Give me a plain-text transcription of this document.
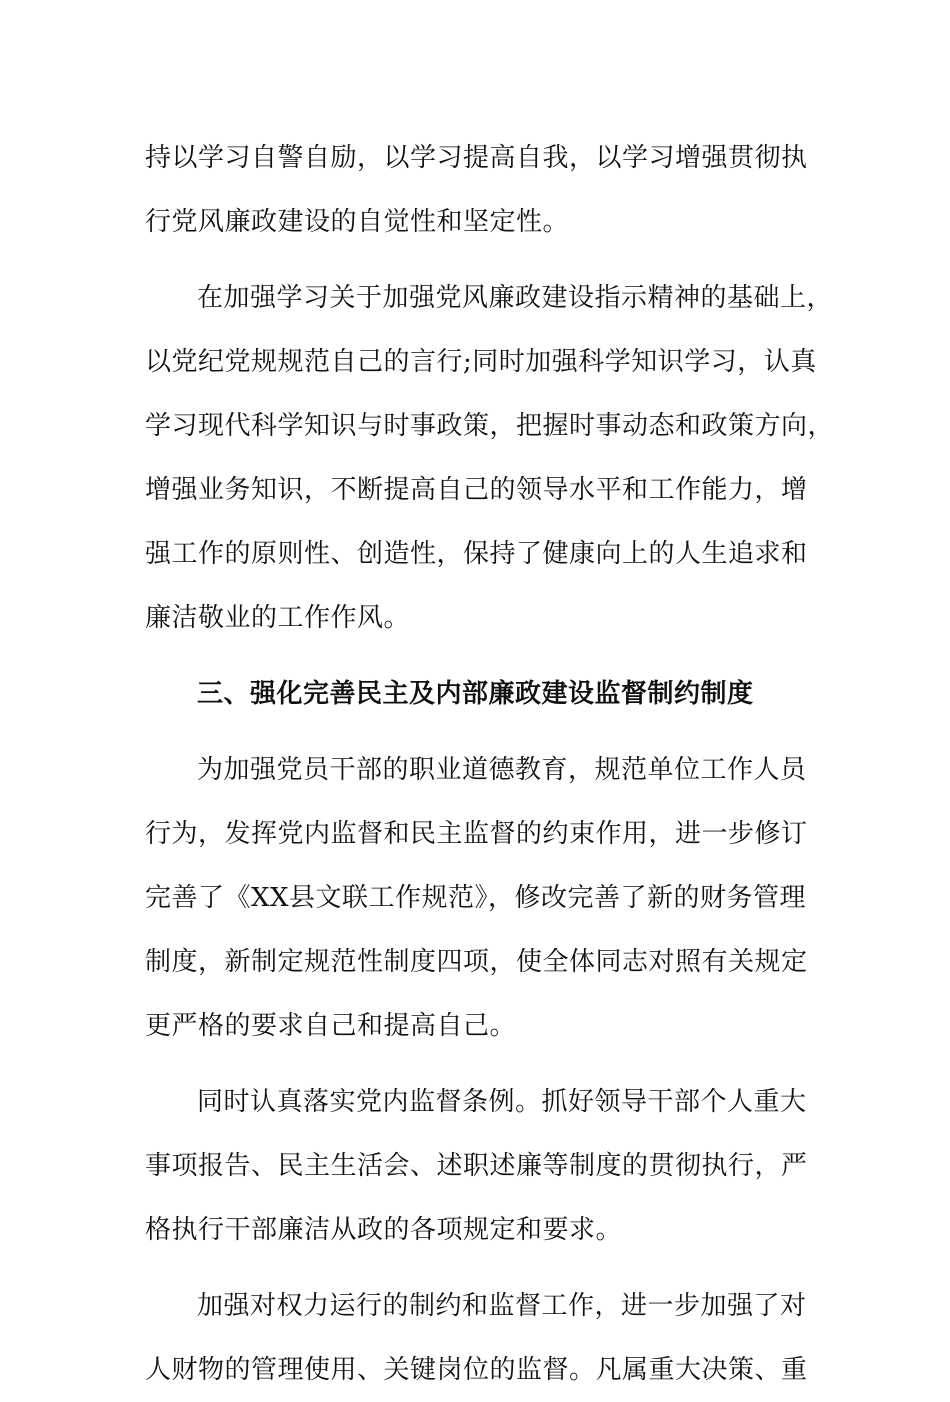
持以学习自警自励，以学习提高自我，以学习增强贯彻执
行党风廉政建设的自觉性和坚定性。
在加强学习关于加强党风廉政建设指示精神的基础上，
以党纪党规规范自己的言行;同时加强科学知识学习，认真
学习现代科学知识与时事政策，把握时事动态和政策方向，
增强业务知识，不断提高自己的领导水平和工作能力，增
强工作的原则性、创造性，保持了健康向上的人生追求和
廉洁敬业的工作作风。
三、强化完善民主及内部廉政建设监督制约制度
为加强党员干部的职业道德教育，规范单位工作人员
行为，发挥党内监督和民主监督的约束作用，进一步修订
完善了《XX县文联工作规范》，修改完善了新的财务管理
制度，新制定规范性制度四项，使全体同志对照有关规定
更严格的要求自己和提高自己。
同时认真落实党内监督条例。抓好领导干部个人重大
事项报告、民主生活会、述职述廉等制度的贯彻执行，严
格执行干部廉洁从政的各项规定和要求。
加强对权力运行的制约和监督工作，进一步加强了对
人财物的管理使用、关键岗位的监督。凡属重大决策、重
